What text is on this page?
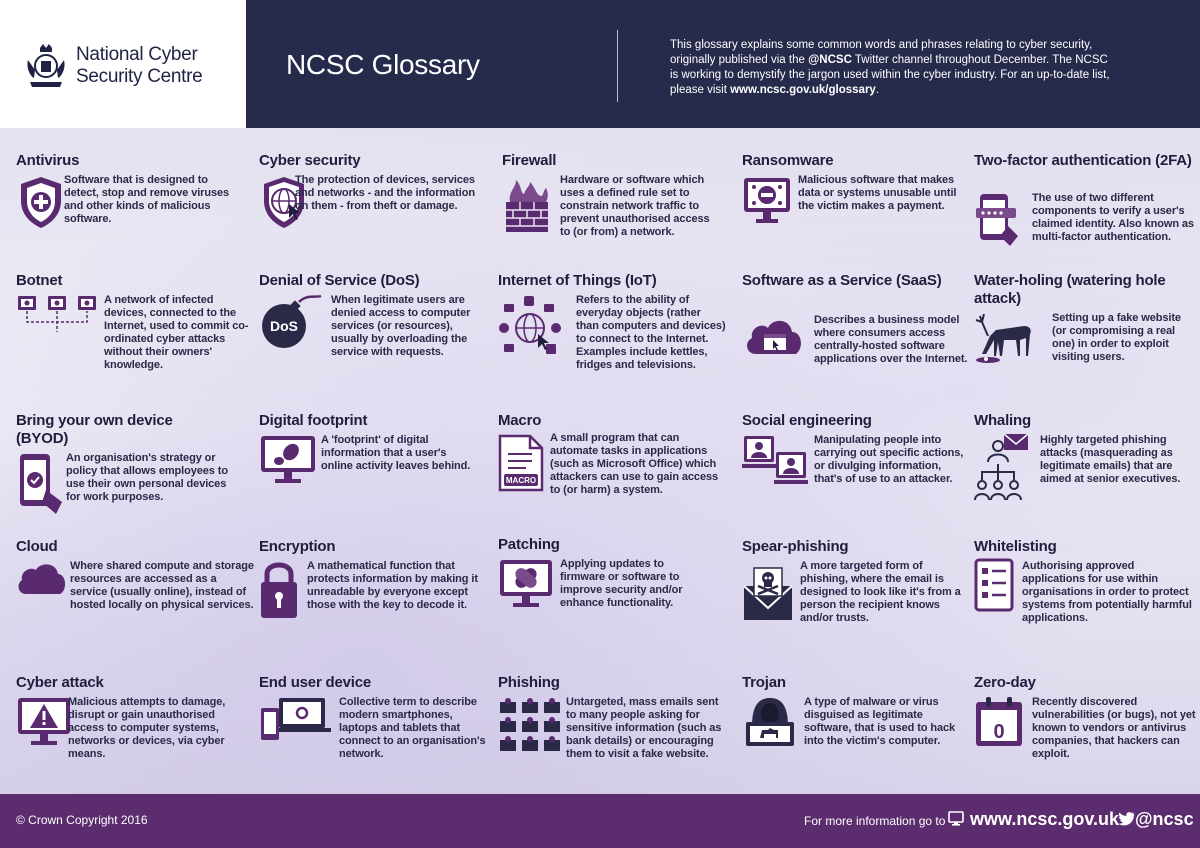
National Cyber Security Centre	NCSC Glossary
This glossary explains some common words and phrases relating to cyber security, originally published via the @NCSC Twitter channel throughout December. The NCSC is working to demystify the jargon used within the cyber industry. For an up-to-date list, please visit www.ncsc.gov.uk/glossary.
Antivirus
Software that is designed to detect, stop and remove viruses and other kinds of malicious software.
Cyber security
The protection of devices, services and networks - and the information on them - from theft or damage.
Firewall
Hardware or software which uses a defined rule set to constrain network traffic to prevent unauthorised access to (or from) a network.
Ransomware
Malicious software that makes data or systems unusable until the victim makes a payment.
Two-factor authentication (2FA)
The use of two different components to verify a user's claimed identity. Also known as multi-factor authentication.
Botnet
A network of infected devices, connected to the Internet, used to commit co-ordinated cyber attacks without their owners' knowledge.
Denial of Service (DoS)
DoS
When legitimate users are denied access to computer services (or resources), usually by overloading the service with requests.
Internet of Things (IoT)
Refers to the ability of everyday objects (rather than computers and devices) to connect to the Internet. Examples include kettles, fridges and televisions.
Software as a Service (SaaS)
Describes a business model where consumers access centrally-hosted software applications over the Internet.
Water-holing (watering hole attack)
Setting up a fake website (or compromising a real one) in order to exploit visiting users.
Bring your own device (BYOD)
An organisation's strategy or policy that allows employees to use their own personal devices for work purposes.
Digital footprint
A 'footprint' of digital information that a user's online activity leaves behind.
Macro
MACRO
A small program that can automate tasks in applications (such as Microsoft Office) which attackers can use to gain access to (or harm) a system.
Social engineering
Manipulating people into carrying out specific actions, or divulging information, that's of use to an attacker.
Whaling
Highly targeted phishing attacks (masquerading as legitimate emails) that are aimed at senior executives.
Cloud
Where shared compute and storage resources are accessed as a service (usually online), instead of hosted locally on physical services.
Encryption
A mathematical function that protects information by making it unreadable by everyone except those with the key to decode it.
Patching
Applying updates to firmware or software to improve security and/or enhance functionality.
Spear-phishing
A more targeted form of phishing, where the email is designed to look like it's from a person the recipient knows and/or trusts.
Whitelisting
Authorising approved applications for use within organisations in order to protect systems from potentially harmful applications.
Cyber attack
Malicious attempts to damage, disrupt or gain unauthorised access to computer systems, networks or devices, via cyber means.
End user device
Collective term to describe modern smartphones, laptops and tablets that connect to an organisation's network.
Phishing
Untargeted, mass emails sent to many people asking for sensitive information (such as bank details) or encouraging them to visit a fake website.
Trojan
A type of malware or virus disguised as legitimate software, that is used to hack into the victim's computer.
Zero-day
0
Recently discovered vulnerabilities (or bugs), not yet known to vendors or antivirus companies, that hackers can exploit.
© Crown Copyright 2016	For more information go to www.ncsc.gov.uk @ncsc
